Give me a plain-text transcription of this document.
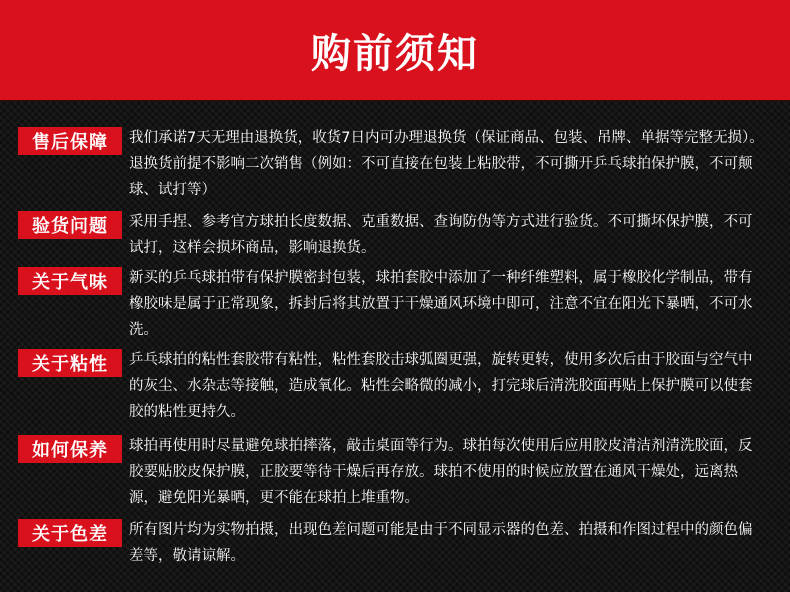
购前须知
售后保障	我们承诺7天无理由退换货，收货7日内可办理退换货（保证商品、包装、吊牌、单据等完整无损）。退换货前提不影响二次销售（例如：不可直接在包装上粘胶带，不可撕开乒乓球拍保护膜，不可颠球、试打等）

验货问题	采用手捏、参考官方球拍长度数据、克重数据、查询防伪等方式进行验货。不可撕坏保护膜，不可试打，这样会损坏商品，影响退换货。

关于气味	新买的乒乓球拍带有保护膜密封包装，球拍套胶中添加了一种纤维塑料，属于橡胶化学制品，带有橡胶味是属于正常现象，拆封后将其放置于干燥通风环境中即可，注意不宜在阳光下暴晒，不可水洗。

关于粘性	乒乓球拍的粘性套胶带有粘性，粘性套胶击球弧圈更强，旋转更转，使用多次后由于胶面与空气中的灰尘、水杂志等接触，造成氧化。粘性会略微的减小，打完球后清洗胶面再贴上保护膜可以使套胶的粘性更持久。

如何保养	球拍再使用时尽量避免球拍摔落，敲击桌面等行为。球拍每次使用后应用胶皮清洁剂清洗胶面，反胶要贴胶皮保护膜，正胶要等待干燥后再存放。球拍不使用的时候应放置在通风干燥处，远离热源，避免阳光暴晒，更不能在球拍上堆重物。

关于色差	所有图片均为实物拍摄，出现色差问题可能是由于不同显示器的色差、拍摄和作图过程中的颜色偏差等，敬请谅解。
